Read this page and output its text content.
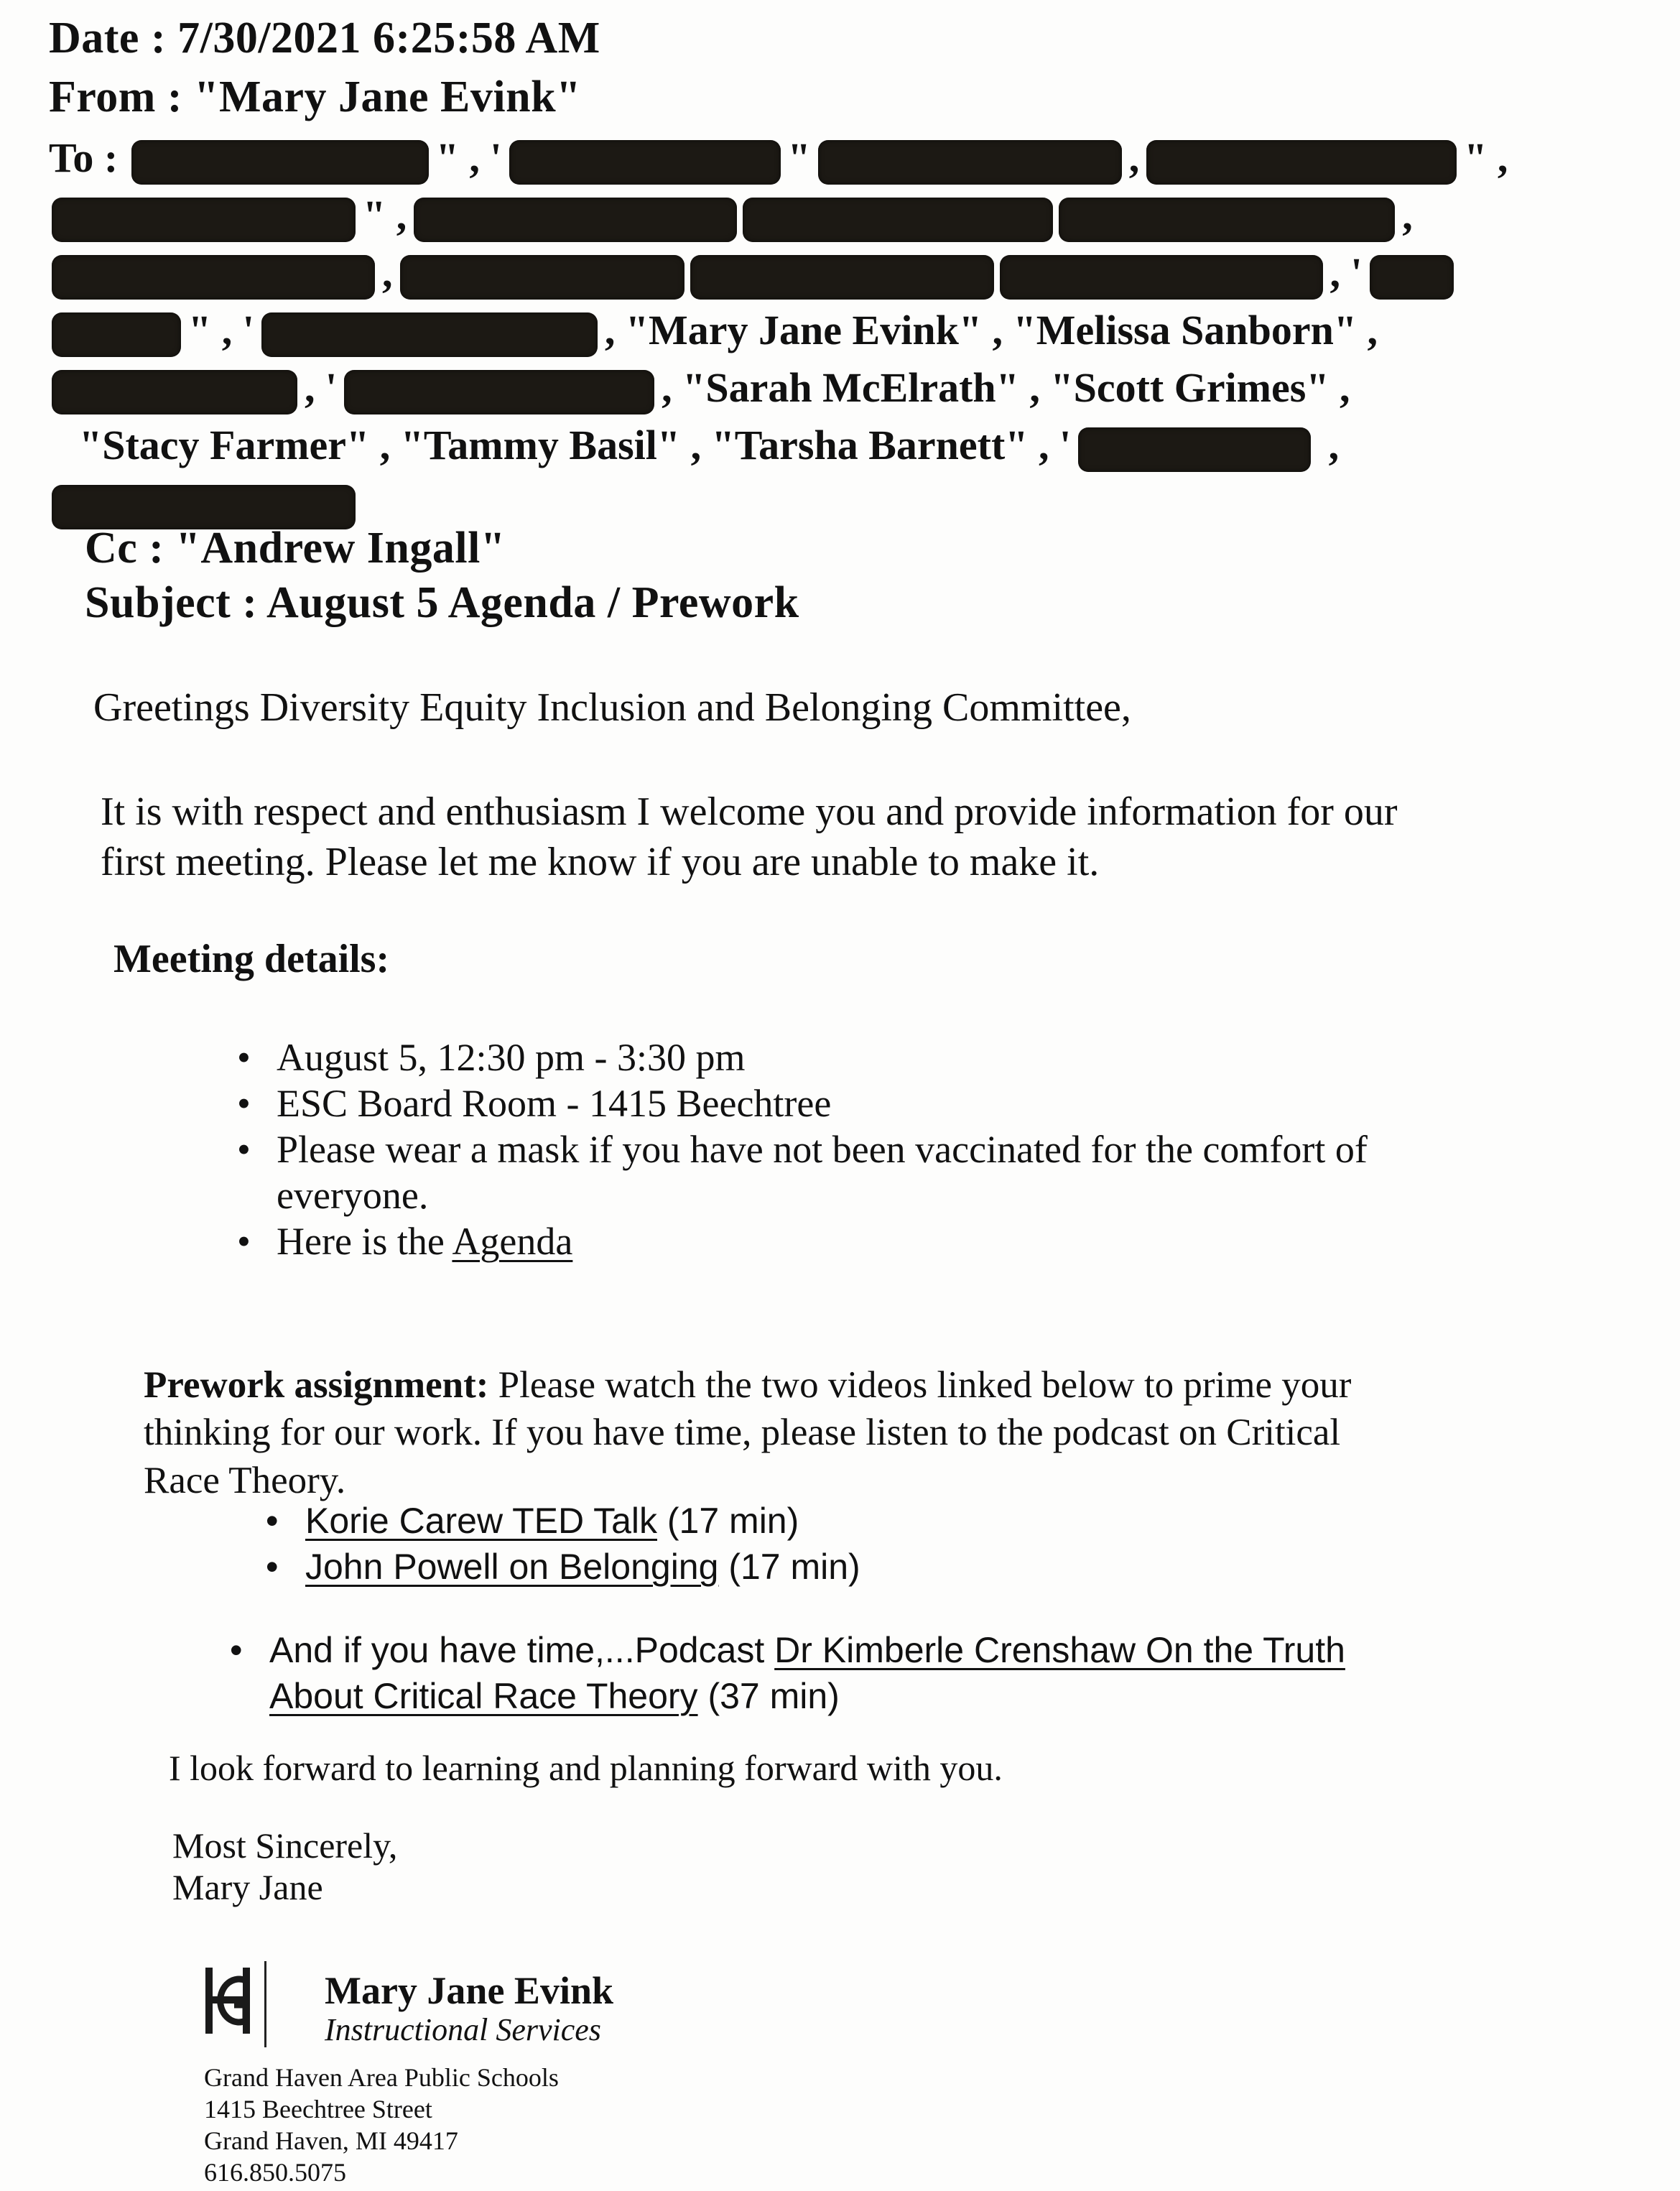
Date : 7/30/2021 6:25:58 AM
From : "Mary Jane Evink"
To :	" , '	"	,	" ,
" ,	,
,	, '
" , '	, "Mary Jane Evink" , "Melissa Sanborn" ,
, '	, "Sarah McElrath" , "Scott Grimes" ,
"Stacy Farmer" , "Tammy Basil" , "Tarsha Barnett" , '	,
Cc : "Andrew Ingall"
Subject : August 5 Agenda / Prework
Greetings Diversity Equity Inclusion and Belonging Committee,
It is with respect and enthusiasm I welcome you and provide information for our
first meeting. Please let me know if you are unable to make it.
Meeting details:
• August 5, 12:30 pm - 3:30 pm
• ESC Board Room - 1415 Beechtree
• Please wear a mask if you have not been vaccinated for the comfort of
everyone.
• Here is the Agenda
Prework assignment: Please watch the two videos linked below to prime your
thinking for our work. If you have time, please listen to the podcast on Critical
Race Theory.
• Korie Carew TED Talk (17 min)
• John Powell on Belonging (17 min)
• And if you have time,...Podcast Dr Kimberle Crenshaw On the Truth
About Critical Race Theory (37 min)
I look forward to learning and planning forward with you.
Most Sincerely,
Mary Jane
Mary Jane Evink
Instructional Services
Grand Haven Area Public Schools
1415 Beechtree Street
Grand Haven, MI 49417
616.850.5075
